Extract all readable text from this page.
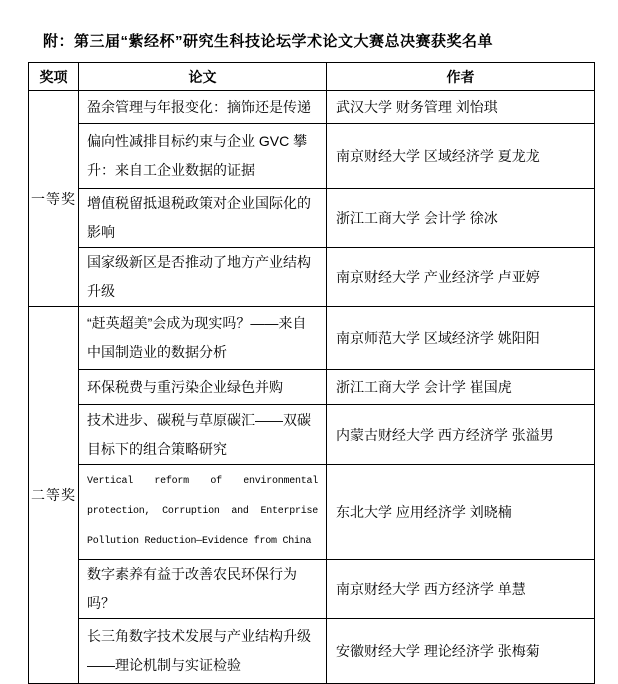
附：第三届“紫经杯”研究生科技论坛学术论文大赛总决赛获奖名单
奖项	论文	作者
一等奖	盈余管理与年报变化：摘饰还是传递	武汉大学 财务管理 刘怡琪
	偏向性减排目标约束与企业 GVC 攀升：来自工企业数据的证据	南京财经大学 区域经济学 夏龙龙
	增值税留抵退税政策对企业国际化的影响	浙江工商大学 会计学 徐冰
	国家级新区是否推动了地方产业结构升级	南京财经大学 产业经济学 卢亚婷
二等奖	“赶英超美”会成为现实吗？——来自中国制造业的数据分析	南京师范大学 区域经济学 姚阳阳
	环保税费与重污染企业绿色并购	浙江工商大学 会计学 崔国虎
	技术进步、碳税与草原碳汇——双碳目标下的组合策略研究	内蒙古财经大学 西方经济学 张溢男
	Vertical reform of environmental protection, Corruption and Enterprise Pollution Reduction—Evidence from China	东北大学 应用经济学 刘晓楠
	数字素养有益于改善农民环保行为吗？	南京财经大学 西方经济学 单慧
	长三角数字技术发展与产业结构升级——理论机制与实证检验	安徽财经大学 理论经济学 张梅菊
